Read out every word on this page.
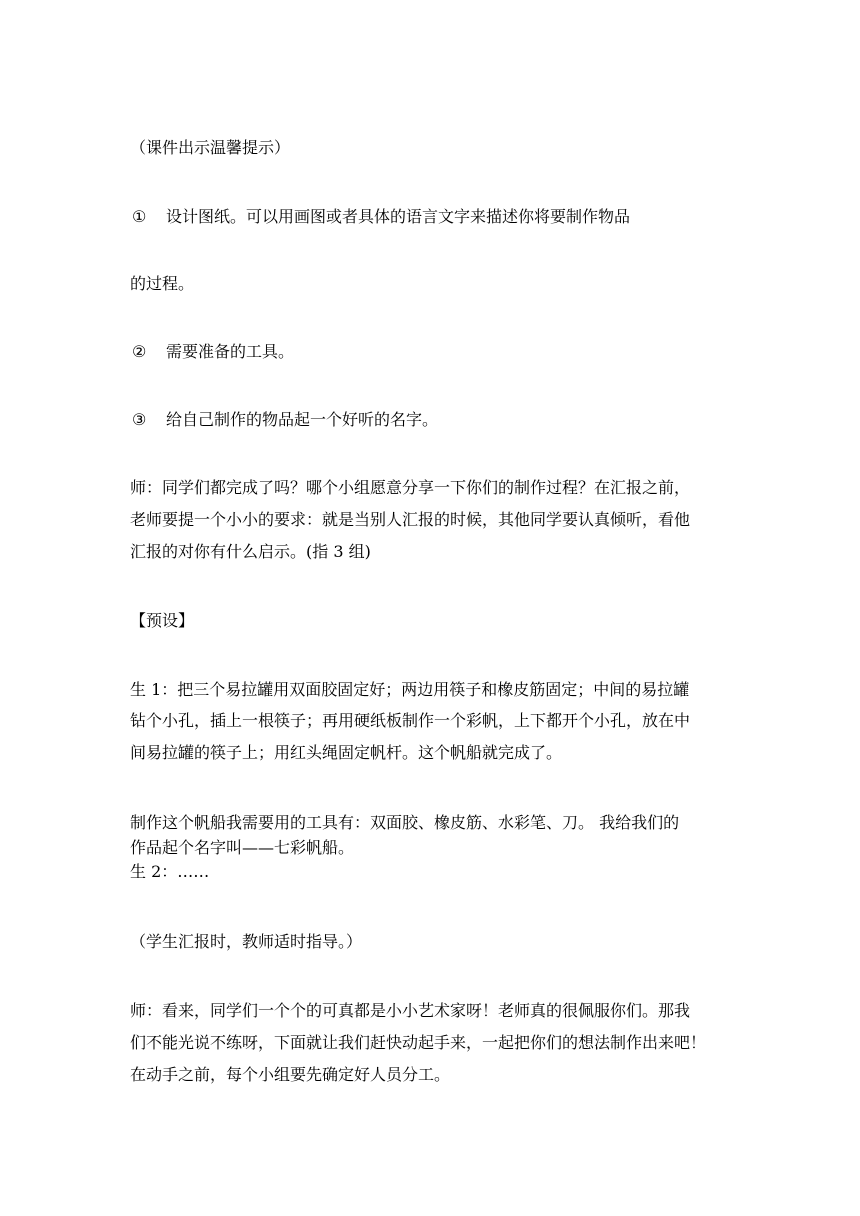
（课件出示温馨提示）
① 设计图纸。可以用画图或者具体的语言文字来描述你将要制作物品
的过程。
② 需要准备的工具。
③ 给自己制作的物品起一个好听的名字。
师：同学们都完成了吗？哪个小组愿意分享一下你们的制作过程？在汇报之前，
老师要提一个小小的要求：就是当别人汇报的时候，其他同学要认真倾听，看他
汇报的对你有什么启示。(指 3 组)
【预设】
生 1：把三个易拉罐用双面胶固定好；两边用筷子和橡皮筋固定；中间的易拉罐
钻个小孔，插上一根筷子；再用硬纸板制作一个彩帆，上下都开个小孔，放在中
间易拉罐的筷子上；用红头绳固定帆杆。这个帆船就完成了。
制作这个帆船我需要用的工具有：双面胶、橡皮筋、水彩笔、刀。 我给我们的
作品起个名字叫——七彩帆船。
生 2：……
（学生汇报时，教师适时指导。）
师：看来，同学们一个个的可真都是小小艺术家呀！老师真的很佩服你们。那我
们不能光说不练呀，下面就让我们赶快动起手来，一起把你们的想法制作出来吧！
在动手之前，每个小组要先确定好人员分工。
